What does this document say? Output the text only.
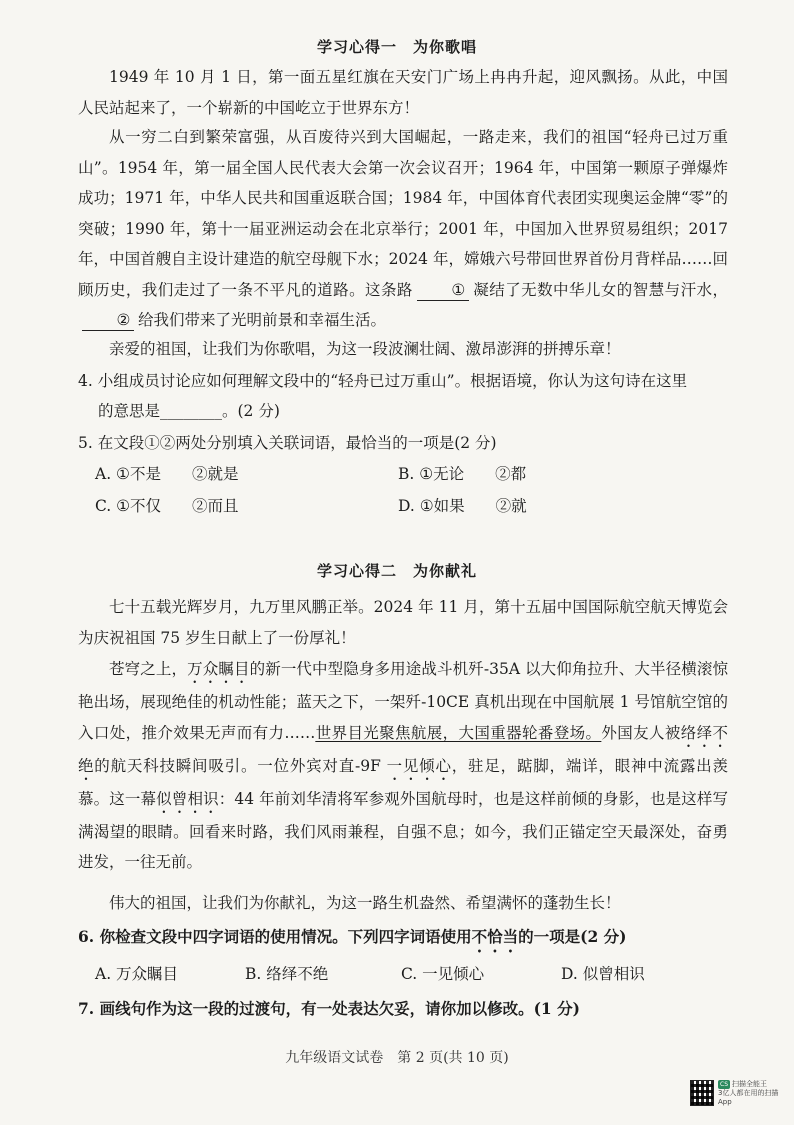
学习心得一　为你歌唱

1949 年 10 月 1 日，第一面五星红旗在天安门广场上冉冉升起，迎风飘扬。从此，中国人民站起来了，一个崭新的中国屹立于世界东方！

从一穷二白到繁荣富强，从百废待兴到大国崛起，一路走来，我们的祖国“轻舟已过万重山”。1954 年，第一届全国人民代表大会第一次会议召开；1964 年，中国第一颗原子弹爆炸成功；1971 年，中华人民共和国重返联合国；1984 年，中国体育代表团实现奥运金牌“零”的突破；1990 年，第十一届亚洲运动会在北京举行；2001 年，中国加入世界贸易组织；2017 年，中国首艘自主设计建造的航空母舰下水；2024 年，嫦娥六号带回世界首份月背样品……回顾历史，我们走过了一条不平凡的道路。这条路 ① 凝结了无数中华儿女的智慧与汗水，② 给我们带来了光明前景和幸福生活。

亲爱的祖国，让我们为你歌唱，为这一段波澜壮阔、激昂澎湃的拼搏乐章！

4. 小组成员讨论应如何理解文段中的“轻舟已过万重山”。根据语境，你认为这句诗在这里
的意思是________。(2 分)
5. 在文段①②两处分别填入关联词语，最恰当的一项是(2 分)
A. ①不是　　②就是	B. ①无论　　②都
C. ①不仅　　②而且	D. ①如果　　②就
学习心得二　为你献礼

七十五载光辉岁月，九万里风鹏正举。2024 年 11 月，第十五届中国国际航空航天博览会为庆祝祖国 75 岁生日献上了一份厚礼！

苍穹之上，万众瞩目的新一代中型隐身多用途战斗机歼-35A 以大仰角拉升、大半径横滚惊艳出场，展现绝佳的机动性能；蓝天之下，一架歼-10CE 真机出现在中国航展 1 号馆航空馆的入口处，推介效果无声而有力……世界目光聚焦航展，大国重器轮番登场。外国友人被络绎不绝的航天科技瞬间吸引。一位外宾对直-9F 一见倾心，驻足，踮脚，端详，眼神中流露出羡慕。这一幕似曾相识：44 年前刘华清将军参观外国航母时，也是这样前倾的身影，也是这样写满渴望的眼睛。回看来时路，我们风雨兼程，自强不息；如今，我们正锚定空天最深处，奋勇进发，一往无前。

伟大的祖国，让我们为你献礼，为这一路生机盎然、希望满怀的蓬勃生长！

6. 你检查文段中四字词语的使用情况。下列四字词语使用不恰当的一项是(2 分)
A. 万众瞩目	B. 络绎不绝	C. 一见倾心	D. 似曾相识
7. 画线句作为这一段的过渡句，有一处表达欠妥，请你加以修改。(1 分)
九年级语文试卷　第 2 页(共 10 页)
CS 扫描全能王
3亿人都在用的扫描App
